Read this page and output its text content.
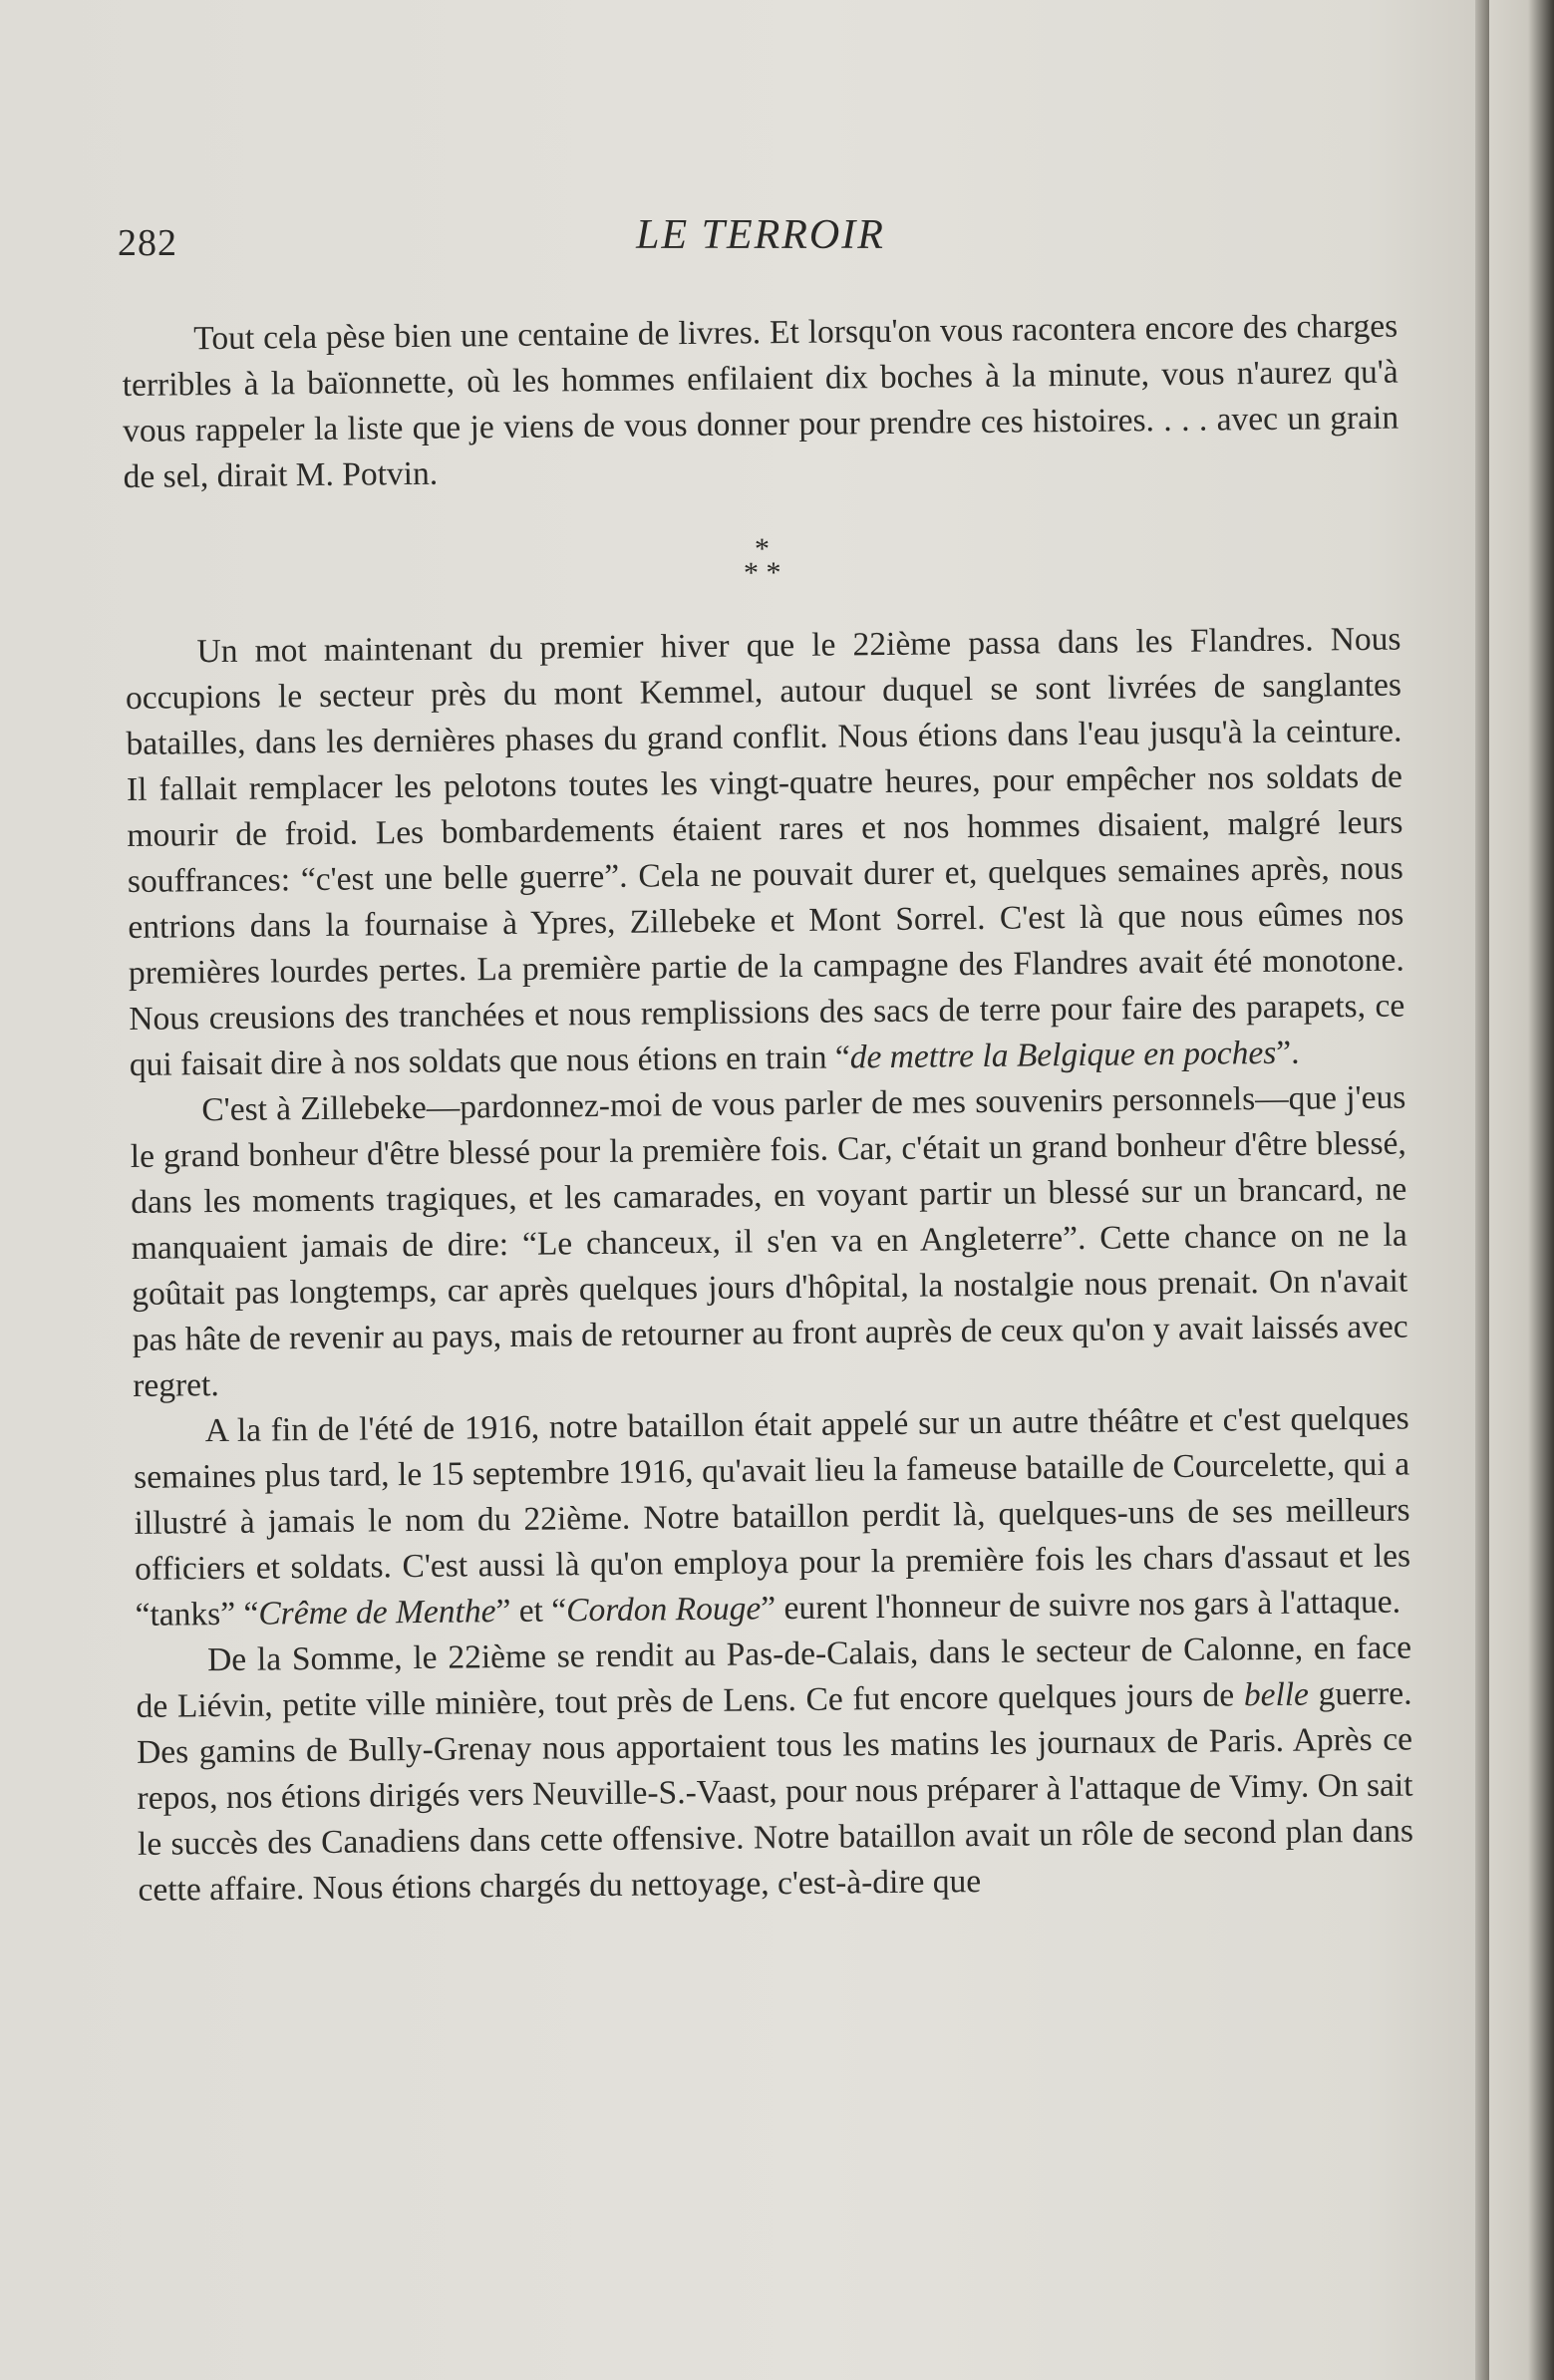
282	LE TERROIR

Tout cela pèse bien une centaine de livres. Et lorsqu'on vous racontera encore des charges terribles à la baïonnette, où les hommes enfilaient dix boches à la minute, vous n'aurez qu'à vous rappeler la liste que je viens de vous donner pour prendre ces histoires. . . . avec un grain de sel, dirait M. Potvin.

*
* *

Un mot maintenant du premier hiver que le 22ième passa dans les Flandres. Nous occupions le secteur près du mont Kemmel, autour duquel se sont livrées de sanglantes batailles, dans les dernières phases du grand conflit. Nous étions dans l'eau jusqu'à la ceinture. Il fallait remplacer les pelotons toutes les vingt-quatre heures, pour empêcher nos soldats de mourir de froid. Les bombardements étaient rares et nos hommes disaient, malgré leurs souffrances: “c'est une belle guerre”. Cela ne pouvait durer et, quelques semaines après, nous entrions dans la fournaise à Ypres, Zillebeke et Mont Sorrel. C'est là que nous eûmes nos premières lourdes pertes. La première partie de la campagne des Flandres avait été monotone. Nous creusions des tranchées et nous remplissions des sacs de terre pour faire des parapets, ce qui faisait dire à nos soldats que nous étions en train “de mettre la Belgique en poches”.

C'est à Zillebeke—pardonnez-moi de vous parler de mes souvenirs personnels—que j'eus le grand bonheur d'être blessé pour la première fois. Car, c'était un grand bonheur d'être blessé, dans les moments tragiques, et les camarades, en voyant partir un blessé sur un brancard, ne manquaient jamais de dire: “Le chanceux, il s'en va en Angleterre”. Cette chance on ne la goûtait pas longtemps, car après quelques jours d'hôpital, la nostalgie nous prenait. On n'avait pas hâte de revenir au pays, mais de retourner au front auprès de ceux qu'on y avait laissés avec regret.

A la fin de l'été de 1916, notre bataillon était appelé sur un autre théâtre et c'est quelques semaines plus tard, le 15 septembre 1916, qu'avait lieu la fameuse bataille de Courcelette, qui a illustré à jamais le nom du 22ième. Notre bataillon perdit là, quelques-uns de ses meilleurs officiers et soldats. C'est aussi là qu'on employa pour la première fois les chars d'assaut et les “tanks” “Crême de Menthe” et “Cordon Rouge” eurent l'honneur de suivre nos gars à l'attaque.

De la Somme, le 22ième se rendit au Pas-de-Calais, dans le secteur de Calonne, en face de Liévin, petite ville minière, tout près de Lens. Ce fut encore quelques jours de belle guerre. Des gamins de Bully-Grenay nous apportaient tous les matins les journaux de Paris. Après ce repos, nos étions dirigés vers Neuville-S.-Vaast, pour nous préparer à l'attaque de Vimy. On sait le succès des Canadiens dans cette offensive. Notre bataillon avait un rôle de second plan dans cette affaire. Nous étions chargés du nettoyage, c'est-à-dire que
